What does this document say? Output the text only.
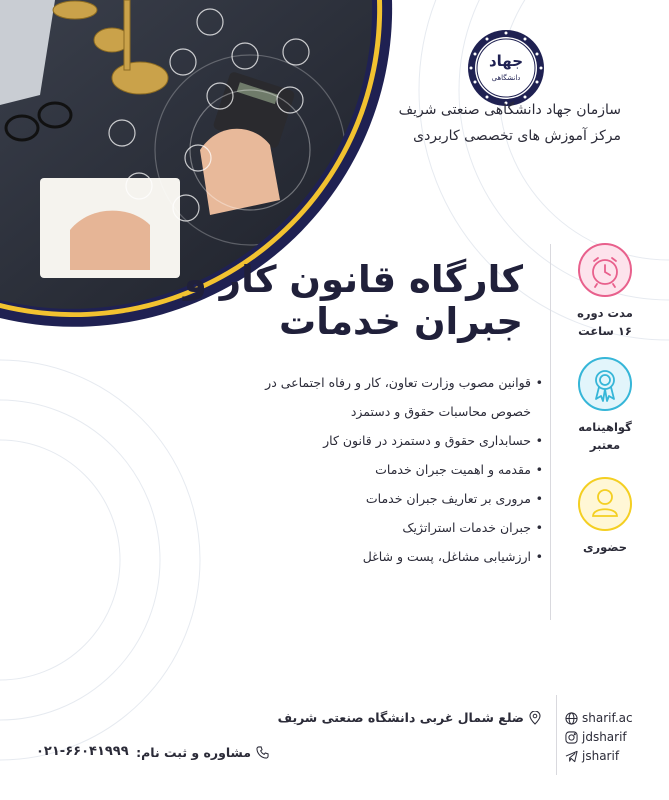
جهاد
دانشگاهی
سازمان جهاد دانشگاهی صنعتی شریف
مرکز آموزش های تخصصی کاربردی
کارگاه قانون کار و
جبران خدمات
• قوانین مصوب وزارت تعاون، کار و رفاه اجتماعی در
خصوص محاسبات حقوق و دستمزد
• حسابداری حقوق و دستمزد در قانون کار
• مقدمه و اهمیت جبران خدمات
• مروری بر تعاریف جبران خدمات
• جبران خدمات استراتژیک
• ارزشیابی مشاغل، پست و شاغل
مدت دوره
۱۶ ساعت
گواهینامه
معتبر
حضوری
sharif.ac
jdsharif
jsharif
ضلع شمال غربی دانشگاه صنعتی شریف
مشاوره و ثبت نام:
۰۲۱-۶۶۰۴۱۹۹۹
